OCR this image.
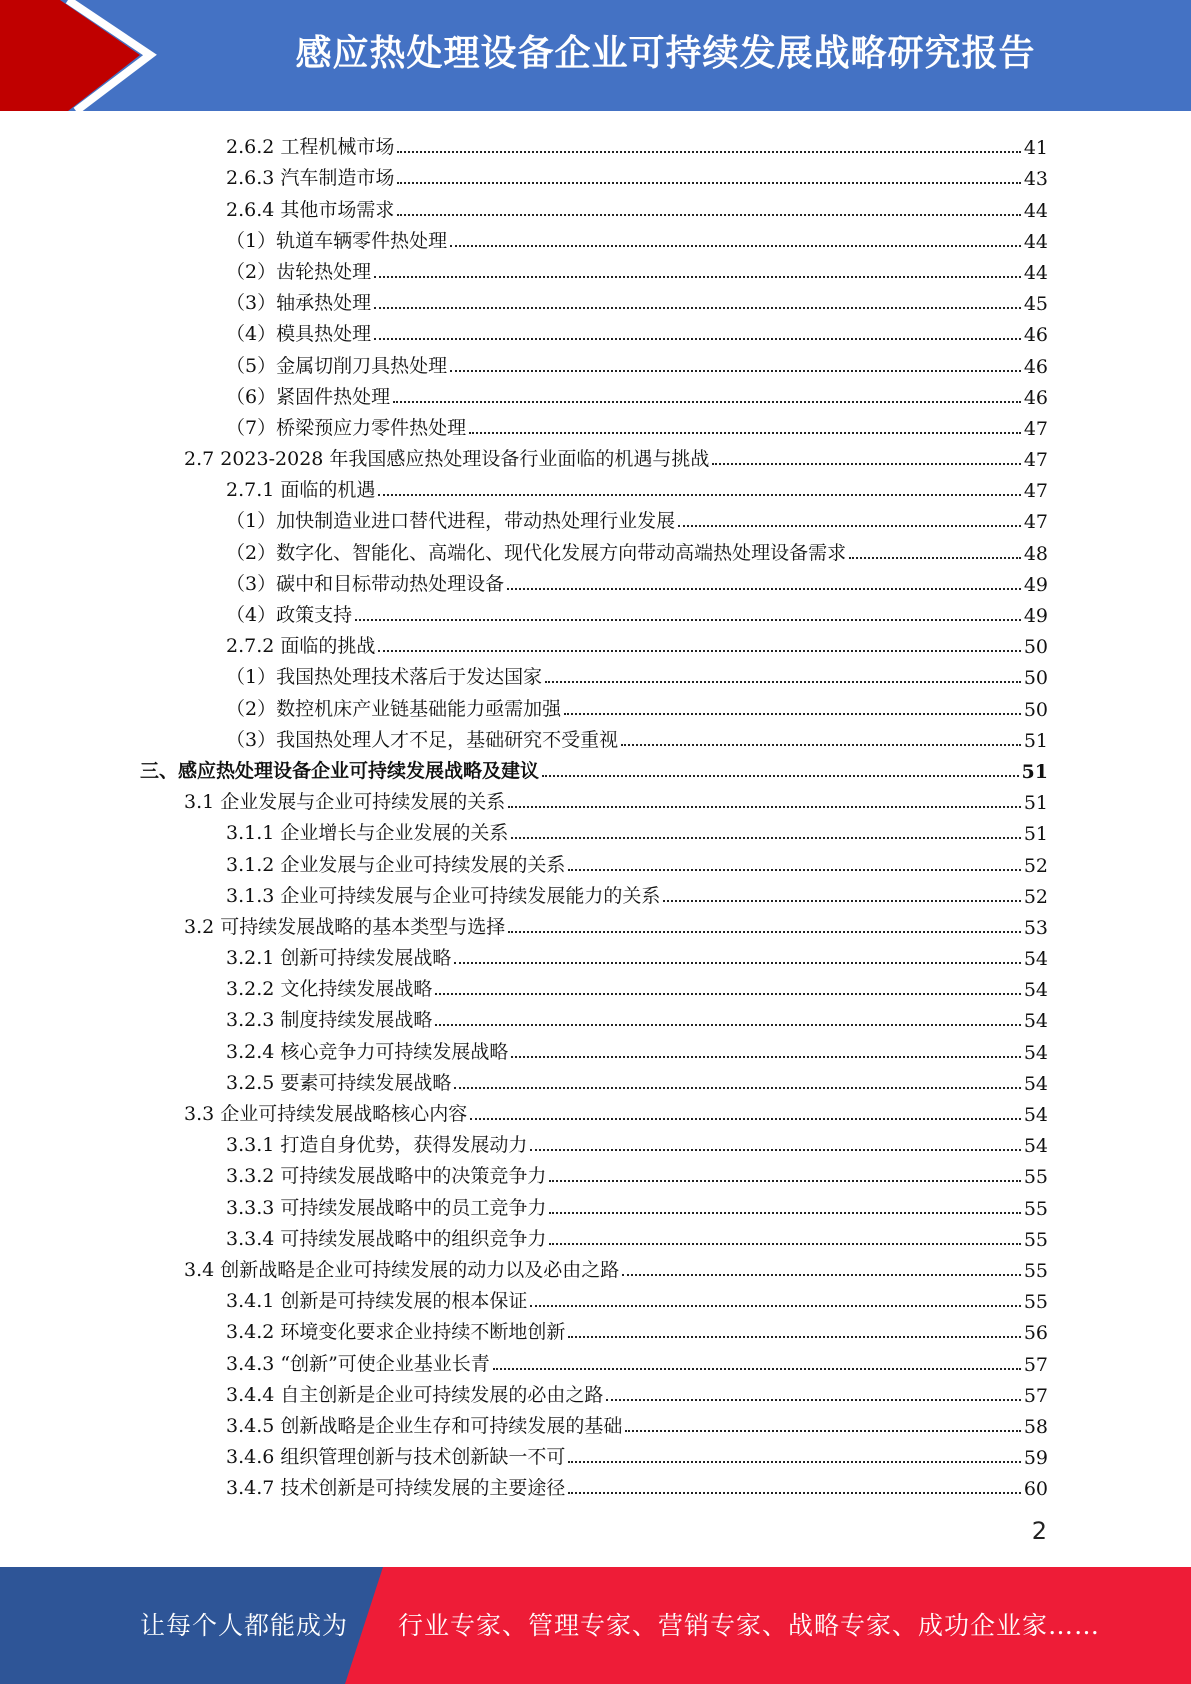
感应热处理设备企业可持续发展战略研究报告
2.6.2 工程机械市场	41
2.6.3 汽车制造市场	43
2.6.4 其他市场需求	44
（1）轨道车辆零件热处理	44
（2）齿轮热处理	44
（3）轴承热处理	45
（4）模具热处理	46
（5）金属切削刀具热处理	46
（6）紧固件热处理	46
（7）桥梁预应力零件热处理	47
2.7 2023-2028 年我国感应热处理设备行业面临的机遇与挑战	47
2.7.1 面临的机遇	47
（1）加快制造业进口替代进程，带动热处理行业发展	47
（2）数字化、智能化、高端化、现代化发展方向带动高端热处理设备需求	48
（3）碳中和目标带动热处理设备	49
（4）政策支持	49
2.7.2 面临的挑战	50
（1）我国热处理技术落后于发达国家	50
（2）数控机床产业链基础能力亟需加强	50
（3）我国热处理人才不足，基础研究不受重视	51
三、感应热处理设备企业可持续发展战略及建议	51
3.1 企业发展与企业可持续发展的关系	51
3.1.1 企业增长与企业发展的关系	51
3.1.2 企业发展与企业可持续发展的关系	52
3.1.3 企业可持续发展与企业可持续发展能力的关系	52
3.2 可持续发展战略的基本类型与选择	53
3.2.1 创新可持续发展战略	54
3.2.2 文化持续发展战略	54
3.2.3 制度持续发展战略	54
3.2.4 核心竞争力可持续发展战略	54
3.2.5 要素可持续发展战略	54
3.3 企业可持续发展战略核心内容	54
3.3.1 打造自身优势，获得发展动力	54
3.3.2 可持续发展战略中的决策竞争力	55
3.3.3 可持续发展战略中的员工竞争力	55
3.3.4 可持续发展战略中的组织竞争力	55
3.4 创新战略是企业可持续发展的动力以及必由之路	55
3.4.1 创新是可持续发展的根本保证	55
3.4.2 环境变化要求企业持续不断地创新	56
3.4.3 “创新”可使企业基业长青	57
3.4.4 自主创新是企业可持续发展的必由之路	57
3.4.5 创新战略是企业生存和可持续发展的基础	58
3.4.6 组织管理创新与技术创新缺一不可	59
3.4.7 技术创新是可持续发展的主要途径	60
2
让每个人都能成为 行业专家、管理专家、营销专家、战略专家、成功企业家……
